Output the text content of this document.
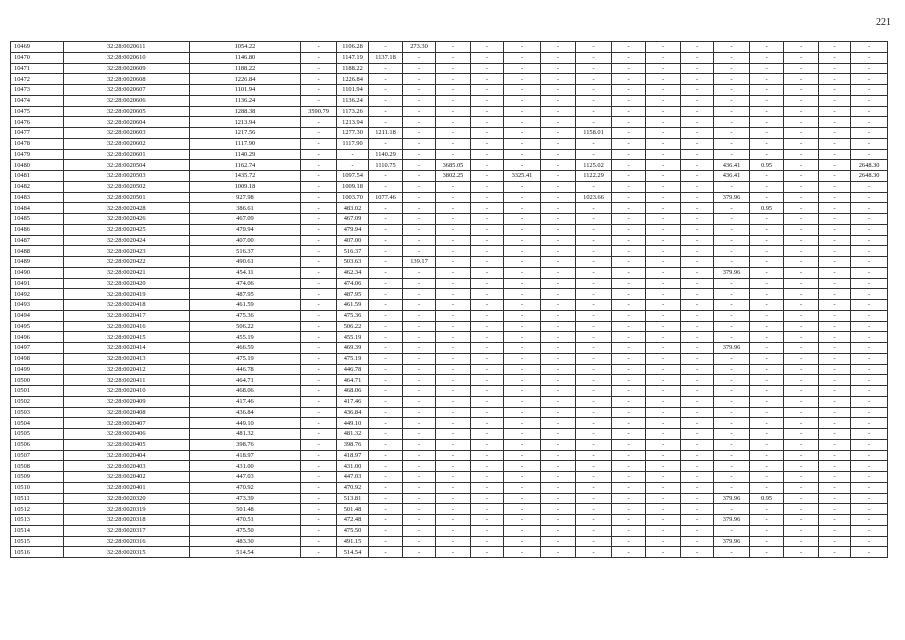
221
10469	32:28:0020611	1054.22	-	1106.28	-	273.30	-	-	-	-	-	-	-	-	-	-	-	-	-
10470	32:28:0020610	1146.80	-	1147.19	1137.18	-	-	-	-	-	-	-	-	-	-	-	-	-	-
10471	32:28:0020609	1188.22	-	1188.22	-	-	-	-	-	-	-	-	-	-	-	-	-	-	-
10472	32:28:0020608	1226.84	-	1226.84	-	-	-	-	-	-	-	-	-	-	-	-	-	-	-
10473	32:28:0020607	1101.94	-	1101.94	-	-	-	-	-	-	-	-	-	-	-	-	-	-	-
10474	32:28:0020606	1136.24	-	1136.24	-	-	-	-	-	-	-	-	-	-	-	-	-	-	-
10475	32:28:0020605	1288.38	3590.79	1173.26	-	-	-	-	-	-	-	-	-	-	-	-	-	-	-
10476	32:28:0020604	1213.94	-	1213.94	-	-	-	-	-	-	-	-	-	-	-	-	-	-	-
10477	32:28:0020603	1217.56	-	1277.30	1211.18	-	-	-	-	-	1158.01	-	-	-	-	-	-	-	-
10478	32:28:0020602	1117.90	-	1117.90	-	-	-	-	-	-	-	-	-	-	-	-	-	-	-
10479	32:28:0020601	1140.29	-	-	1140.29	-	-	-	-	-	-	-	-	-	-	-	-	-	-
10480	32:28:0020504	1162.74	-	-	1110.75	-	3685.05	-	-	-	1125.02	-	-	-	436.41	0.95	-	-	2648.30
10481	32:28:0020503	1435.72	-	1097.54	-	-	3802.25	-	3325.41	-	1122.29	-	-	-	436.41	-	-	-	2648.30
10482	32:28:0020502	1009.18	-	1009.18	-	-	-	-	-	-	-	-	-	-	-	-	-	-	-
10483	32:28:0020501	927.98	-	1003.70	1077.46	-	-	-	-	-	1023.66	-	-	-	379.96	-	-	-	-
10484	32:28:0020428	386.61	-	483.02	-	-	-	-	-	-	-	-	-	-	-	0.95	-	-	-
10485	32:28:0020426	467.09	-	467.09	-	-	-	-	-	-	-	-	-	-	-	-	-	-	-
10486	32:28:0020425	479.94	-	479.94	-	-	-	-	-	-	-	-	-	-	-	-	-	-	-
10487	32:28:0020424	407.00	-	407.00	-	-	-	-	-	-	-	-	-	-	-	-	-	-	-
10488	32:28:0020423	516.37	-	516.37	-	-	-	-	-	-	-	-	-	-	-	-	-	-	-
10489	32:28:0020422	490.61	-	503.63	-	139.17	-	-	-	-	-	-	-	-	-	-	-	-	-
10490	32:28:0020421	454.11	-	462.34	-	-	-	-	-	-	-	-	-	-	379.96	-	-	-	-
10491	32:28:0020420	474.06	-	474.06	-	-	-	-	-	-	-	-	-	-	-	-	-	-	-
10492	32:28:0020419	487.95	-	487.95	-	-	-	-	-	-	-	-	-	-	-	-	-	-	-
10493	32:28:0020418	461.59	-	461.59	-	-	-	-	-	-	-	-	-	-	-	-	-	-	-
10494	32:28:0020417	475.36	-	475.36	-	-	-	-	-	-	-	-	-	-	-	-	-	-	-
10495	32:28:0020416	506.22	-	506.22	-	-	-	-	-	-	-	-	-	-	-	-	-	-	-
10496	32:28:0020415	455.19	-	455.19	-	-	-	-	-	-	-	-	-	-	-	-	-	-	-
10497	32:28:0020414	466.59	-	469.39	-	-	-	-	-	-	-	-	-	-	379.96	-	-	-	-
10498	32:28:0020413	475.19	-	475.19	-	-	-	-	-	-	-	-	-	-	-	-	-	-	-
10499	32:28:0020412	446.78	-	446.78	-	-	-	-	-	-	-	-	-	-	-	-	-	-	-
10500	32:28:0020411	464.71	-	464.71	-	-	-	-	-	-	-	-	-	-	-	-	-	-	-
10501	32:28:0020410	468.06	-	468.06	-	-	-	-	-	-	-	-	-	-	-	-	-	-	-
10502	32:28:0020409	417.46	-	417.46	-	-	-	-	-	-	-	-	-	-	-	-	-	-	-
10503	32:28:0020408	436.84	-	436.84	-	-	-	-	-	-	-	-	-	-	-	-	-	-	-
10504	32:28:0020407	449.10	-	449.10	-	-	-	-	-	-	-	-	-	-	-	-	-	-	-
10505	32:28:0020406	481.32	-	481.32	-	-	-	-	-	-	-	-	-	-	-	-	-	-	-
10506	32:28:0020405	398.76	-	398.76	-	-	-	-	-	-	-	-	-	-	-	-	-	-	-
10507	32:28:0020404	418.97	-	418.97	-	-	-	-	-	-	-	-	-	-	-	-	-	-	-
10508	32:28:0020403	431.00	-	431.00	-	-	-	-	-	-	-	-	-	-	-	-	-	-	-
10509	32:28:0020402	447.03	-	447.03	-	-	-	-	-	-	-	-	-	-	-	-	-	-	-
10510	32:28:0020401	470.92	-	470.92	-	-	-	-	-	-	-	-	-	-	-	-	-	-	-
10511	32:28:0020320	473.39	-	513.81	-	-	-	-	-	-	-	-	-	-	379.96	0.95	-	-	-
10512	32:28:0020319	501.48	-	501.48	-	-	-	-	-	-	-	-	-	-	-	-	-	-	-
10513	32:28:0020318	470.51	-	472.48	-	-	-	-	-	-	-	-	-	-	379.96	-	-	-	-
10514	32:28:0020317	475.50	-	475.50	-	-	-	-	-	-	-	-	-	-	-	-	-	-	-
10515	32:28:0020316	483.30	-	491.15	-	-	-	-	-	-	-	-	-	-	379.96	-	-	-	-
10516	32:28:0020315	514.54	-	514.54	-	-	-	-	-	-	-	-	-	-	-	-	-	-	-
